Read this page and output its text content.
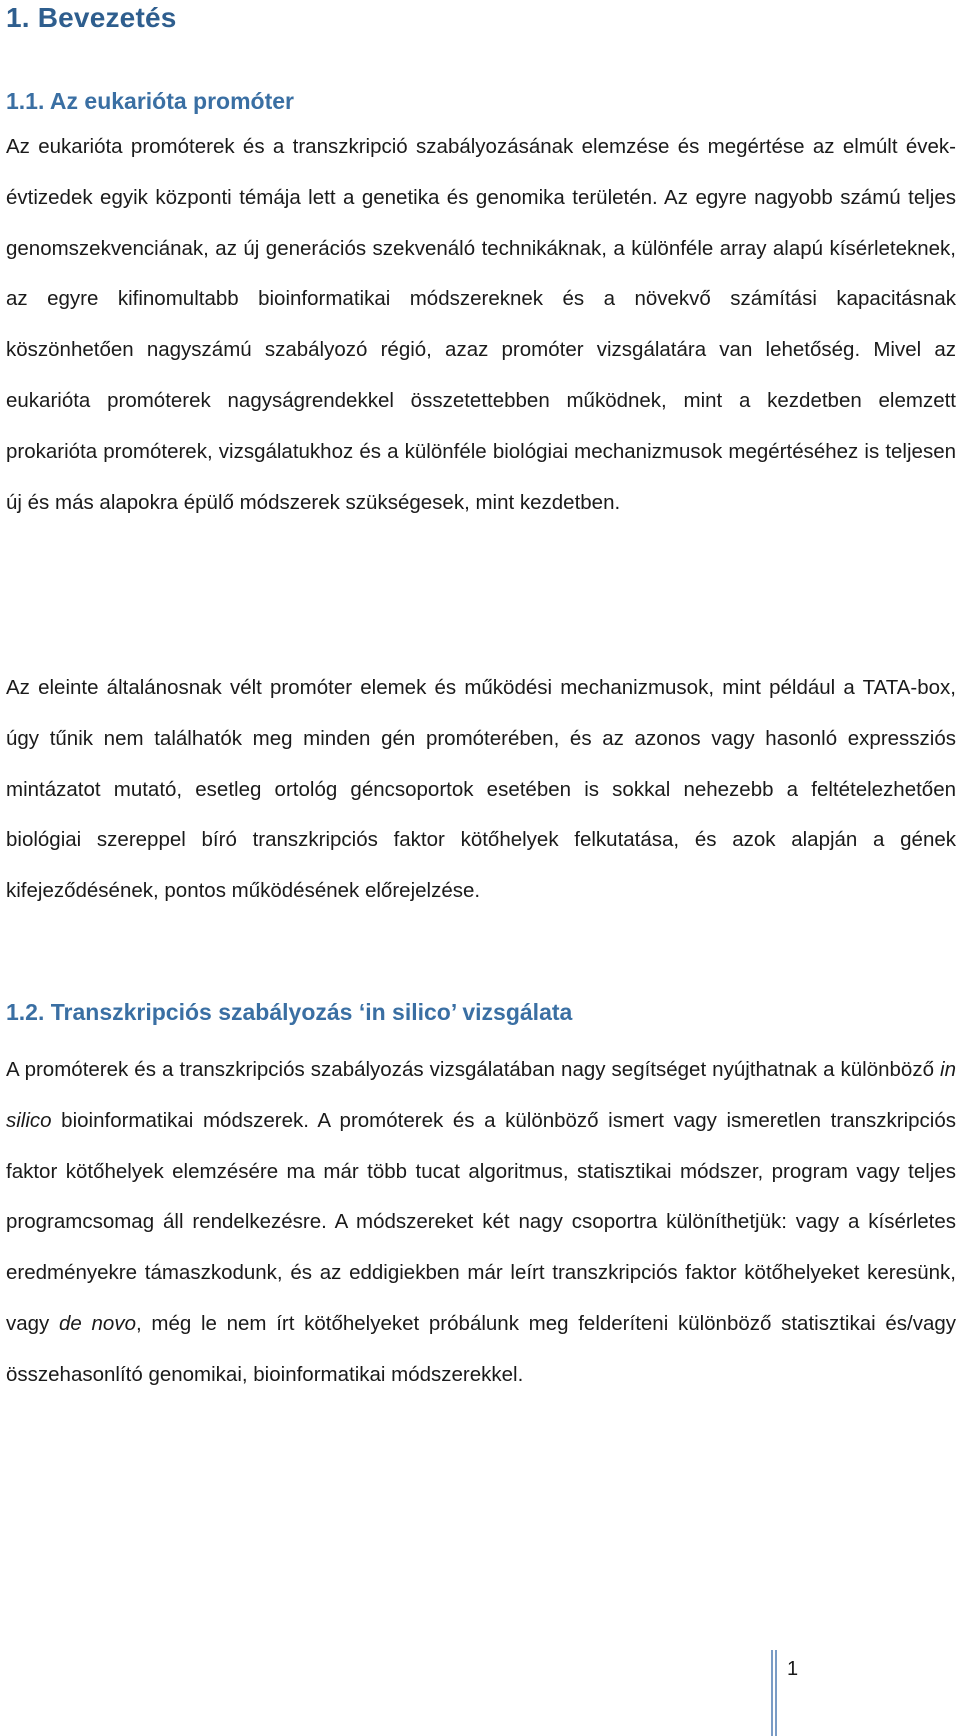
1. Bevezetés
1.1. Az eukarióta promóter

Az eukarióta promóterek és a transzkripció szabályozásának elemzése és megértése az elmúlt évek-évtizedek egyik központi témája lett a genetika és genomika területén. Az egyre nagyobb számú teljes genomszekvenciának, az új generációs szekvenáló technikáknak, a különféle array alapú kísérleteknek, az egyre kifinomultabb bioinformatikai módszereknek és a növekvő számítási kapacitásnak köszönhetően nagyszámú szabályozó régió, azaz promóter vizsgálatára van lehetőség. Mivel az eukarióta promóterek nagyságrendekkel összetettebben működnek, mint a kezdetben elemzett prokarióta promóterek, vizsgálatukhoz és a különféle biológiai mechanizmusok megértéséhez is teljesen új és más alapokra épülő módszerek szükségesek, mint kezdetben.

Az eleinte általánosnak vélt promóter elemek és működési mechanizmusok, mint például a TATA-box, úgy tűnik nem találhatók meg minden gén promóterében, és az azonos vagy hasonló expressziós mintázatot mutató, esetleg ortológ géncsoportok esetében is sokkal nehezebb a feltételezhetően biológiai szereppel bíró transzkripciós faktor kötőhelyek felkutatása, és azok alapján a gének kifejeződésének, pontos működésének előrejelzése.

1.2. Transzkripciós szabályozás ‘in silico’ vizsgálata

A promóterek és a transzkripciós szabályozás vizsgálatában nagy segítséget nyújthatnak a különböző in silico bioinformatikai módszerek. A promóterek és a különböző ismert vagy ismeretlen transzkripciós faktor kötőhelyek elemzésére ma már több tucat algoritmus, statisztikai módszer, program vagy teljes programcsomag áll rendelkezésre. A módszereket két nagy csoportra különíthetjük: vagy a kísérletes eredményekre támaszkodunk, és az eddigiekben már leírt transzkripciós faktor kötőhelyeket keresünk, vagy de novo, még le nem írt kötőhelyeket próbálunk meg felderíteni különböző statisztikai és/vagy összehasonlító genomikai, bioinformatikai módszerekkel.

1
